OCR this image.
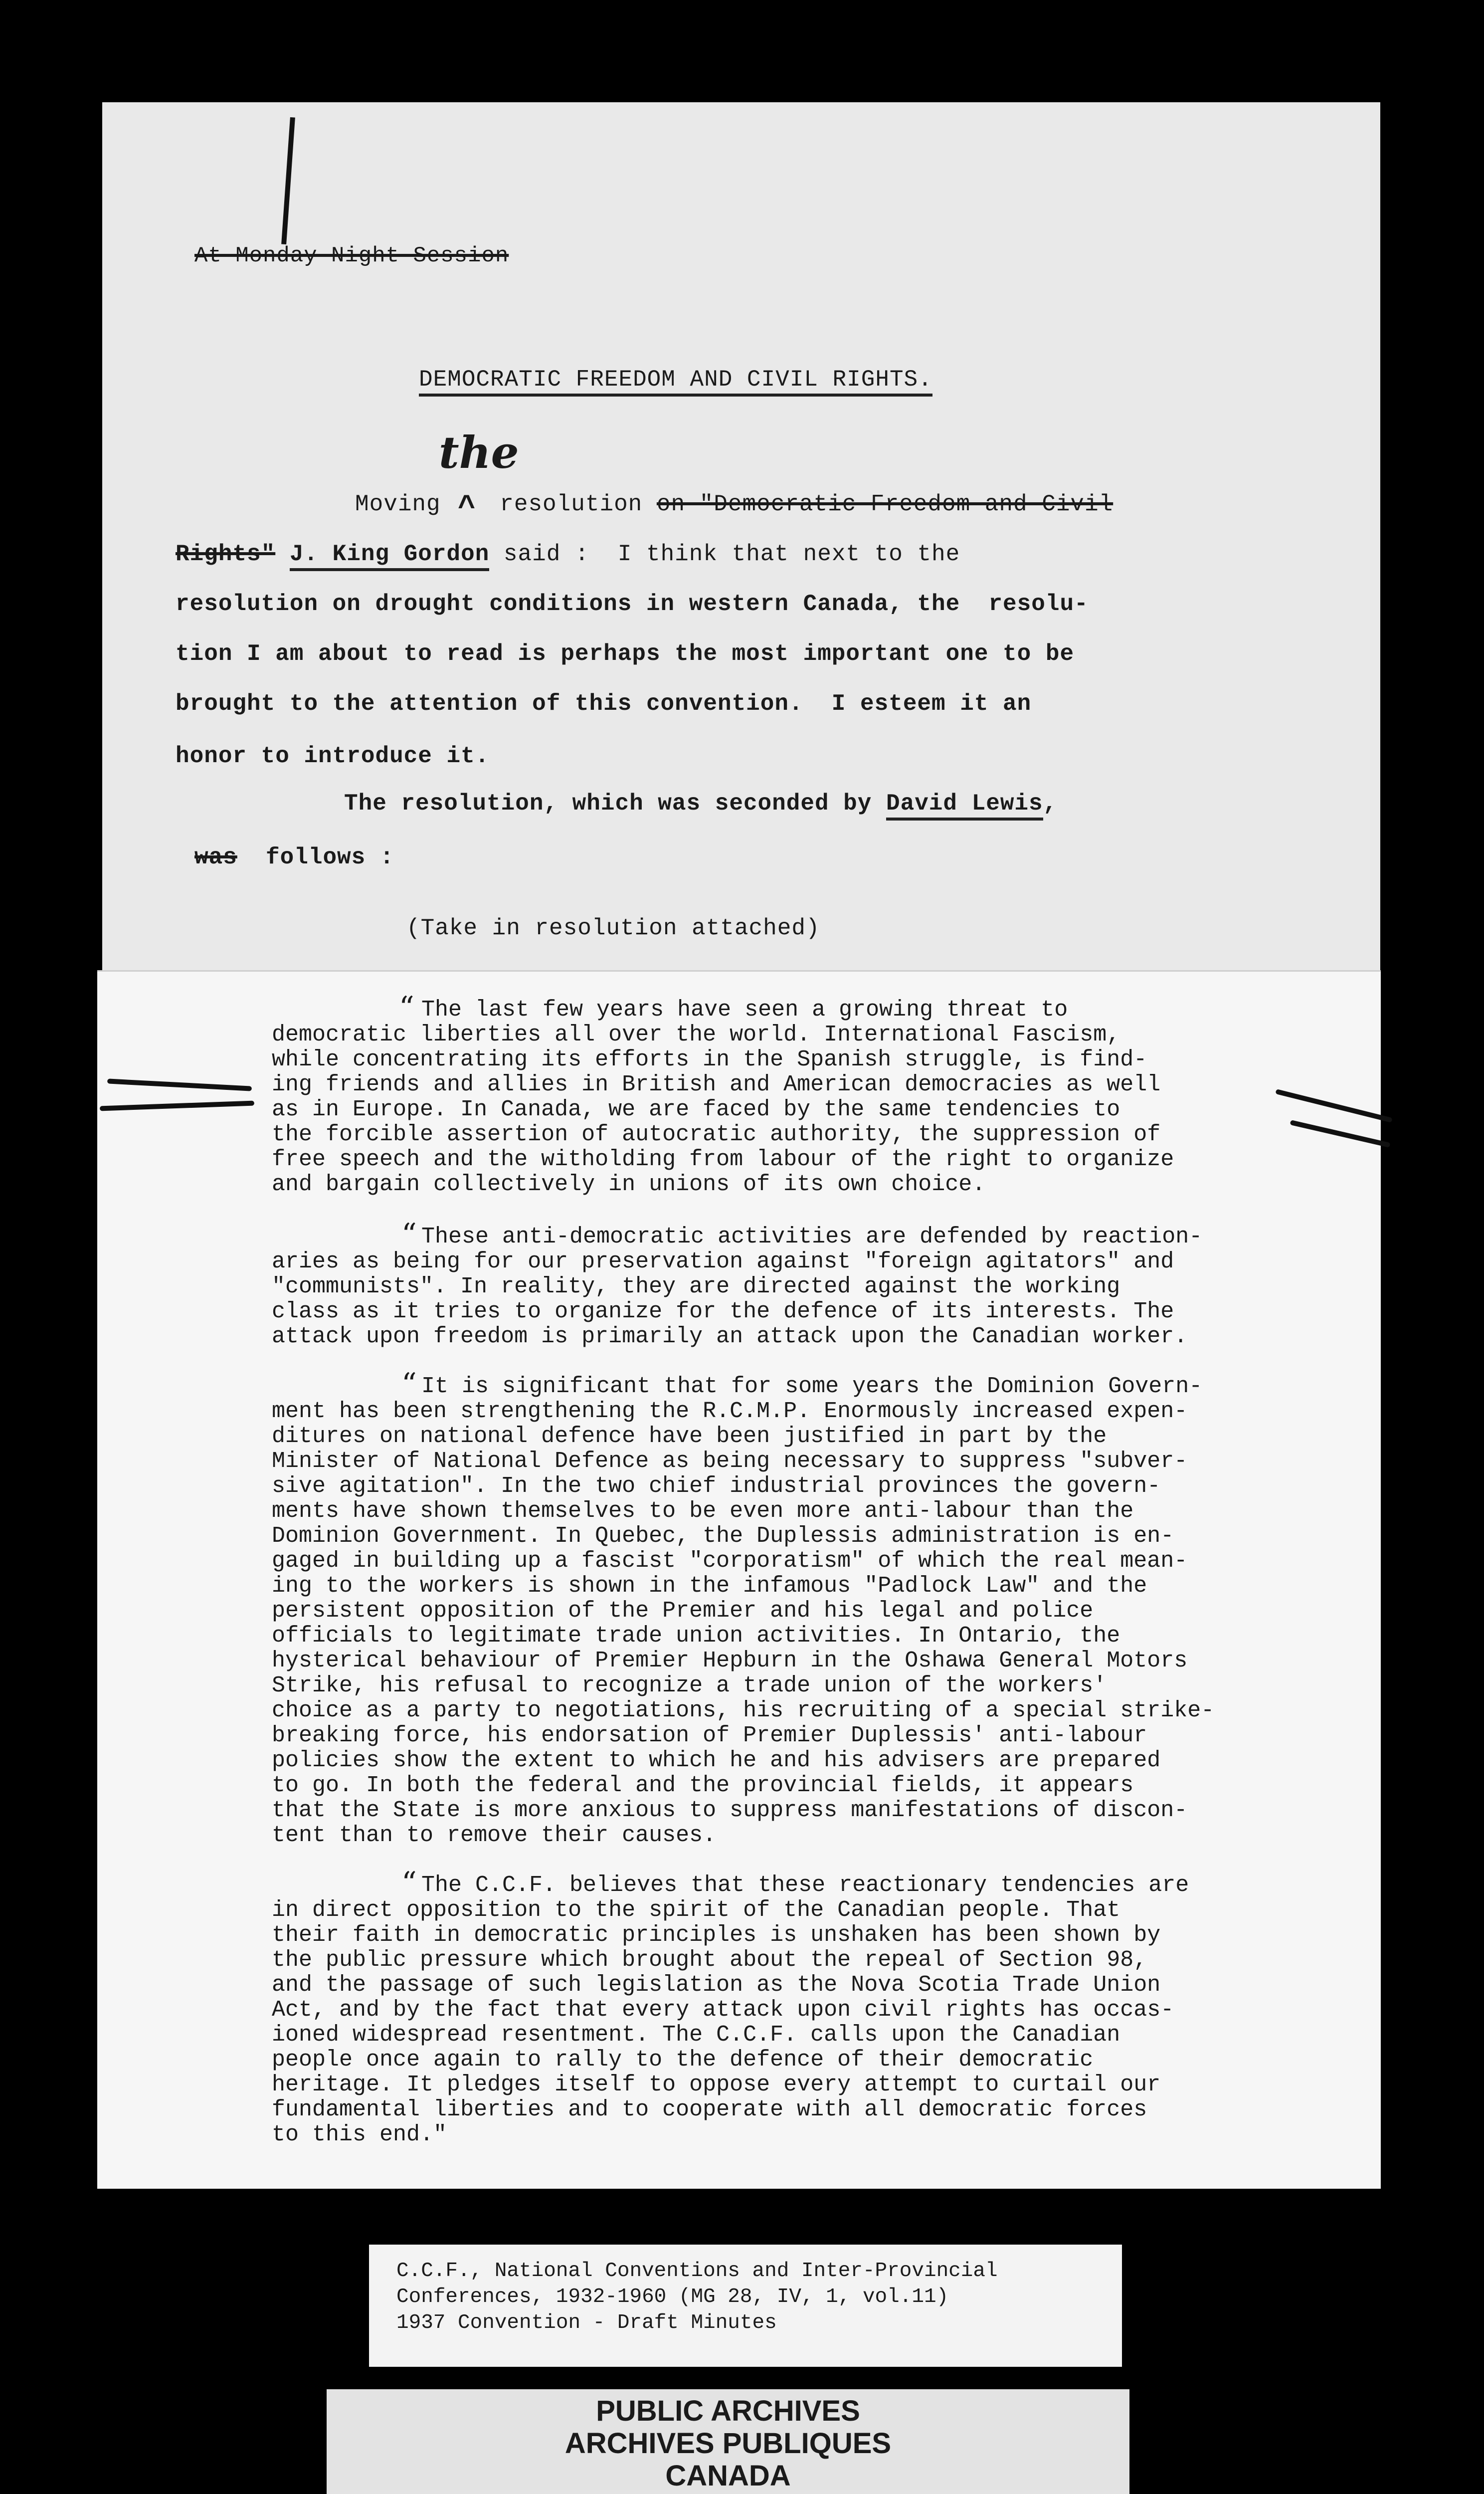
At Monday Night Session
DEMOCRATIC FREEDOM AND CIVIL RIGHTS.
the
^
Moving resolution on "Democratic Freedom and Civil
Rights" J. King Gordon said :  I think that next to the
resolution on drought conditions in western Canada, the  resolu-
tion I am about to read is perhaps the most important one to be
brought to the attention of this convention.  I esteem it an
honor to introduce it.
The resolution, which was seconded by David Lewis,
was  follows :
(Take in resolution attached)
“ The last few years have seen a growing threat to
democratic liberties all over the world. International Fascism,
while concentrating its efforts in the Spanish struggle, is find-
ing friends and allies in British and American democracies as well
as in Europe. In Canada, we are faced by the same tendencies to
the forcible assertion of autocratic authority, the suppression of
free speech and the witholding from labour of the right to organize
and bargain collectively in unions of its own choice.
“ These anti-democratic activities are defended by reaction-
aries as being for our preservation against "foreign agitators" and
"communists". In reality, they are directed against the working
class as it tries to organize for the defence of its interests. The
attack upon freedom is primarily an attack upon the Canadian worker.
“ It is significant that for some years the Dominion Govern-
ment has been strengthening the R.C.M.P. Enormously increased expen-
ditures on national defence have been justified in part by the
Minister of National Defence as being necessary to suppress "subver-
sive agitation". In the two chief industrial provinces the govern-
ments have shown themselves to be even more anti-labour than the
Dominion Government. In Quebec, the Duplessis administration is en-
gaged in building up a fascist "corporatism" of which the real mean-
ing to the workers is shown in the infamous "Padlock Law" and the
persistent opposition of the Premier and his legal and police
officials to legitimate trade union activities. In Ontario, the
hysterical behaviour of Premier Hepburn in the Oshawa General Motors
Strike, his refusal to recognize a trade union of the workers'
choice as a party to negotiations, his recruiting of a special strike-
breaking force, his endorsation of Premier Duplessis' anti-labour
policies show the extent to which he and his advisers are prepared
to go. In both the federal and the provincial fields, it appears
that the State is more anxious to suppress manifestations of discon-
tent than to remove their causes.
“ The C.C.F. believes that these reactionary tendencies are
in direct opposition to the spirit of the Canadian people. That
their faith in democratic principles is unshaken has been shown by
the public pressure which brought about the repeal of Section 98,
and the passage of such legislation as the Nova Scotia Trade Union
Act, and by the fact that every attack upon civil rights has occas-
ioned widespread resentment. The C.C.F. calls upon the Canadian
people once again to rally to the defence of their democratic
heritage. It pledges itself to oppose every attempt to curtail our
fundamental liberties and to cooperate with all democratic forces
to this end."
C.C.F., National Conventions and Inter-Provincial
Conferences, 1932-1960 (MG 28, IV, 1, vol.11)
1937 Convention - Draft Minutes
PUBLIC ARCHIVES
ARCHIVES PUBLIQUES
CANADA
